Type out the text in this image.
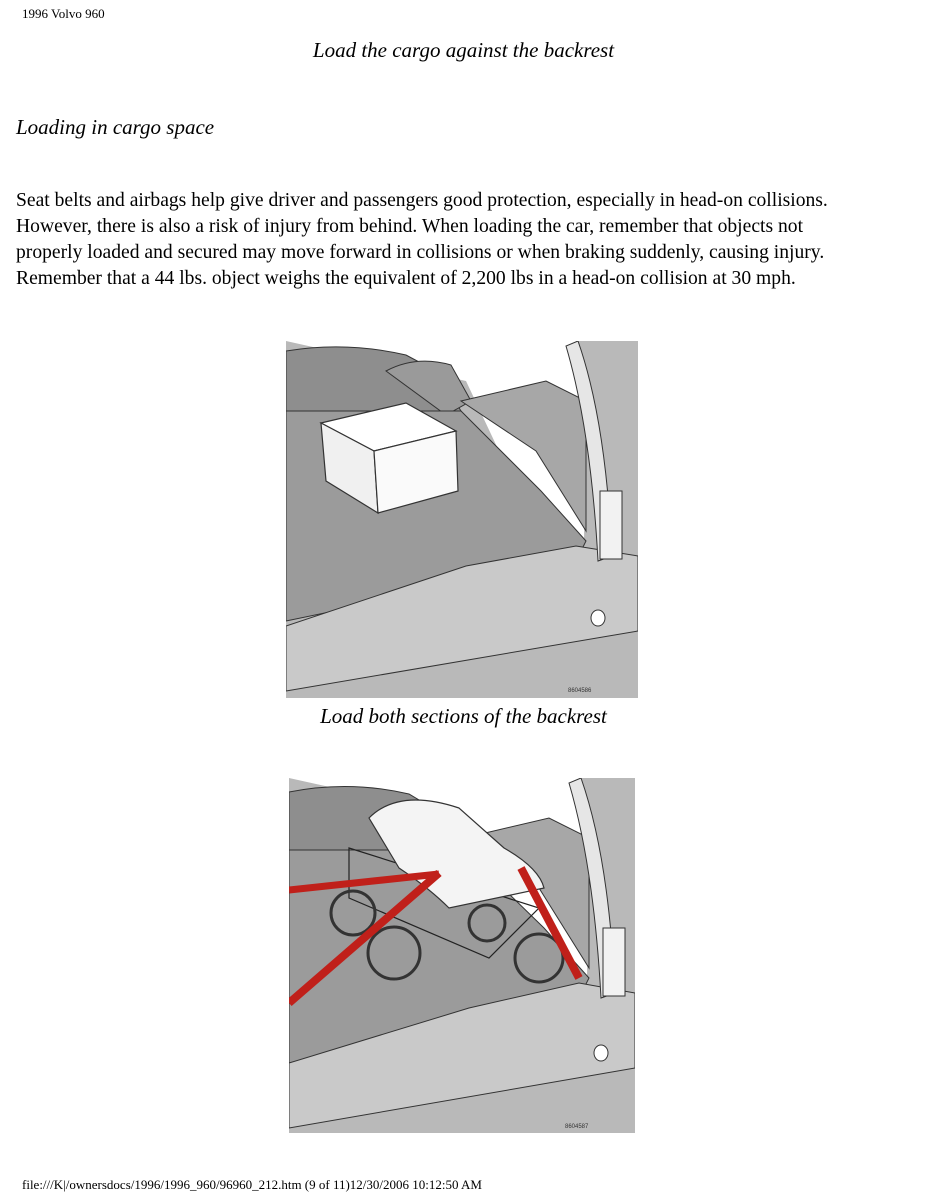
1996 Volvo 960
Load the cargo against the backrest
Loading in cargo space

Seat belts and airbags help give driver and passengers good protection, especially in head-on collisions.

However, there is also a risk of injury from behind. When loading the car, remember that objects not

properly loaded and secured may move forward in collisions or when braking suddenly, causing injury.

Remember that a 44 lbs. object weighs the equivalent of 2,200 lbs in a head-on collision at 30 mph.

8604586
Load both sections of the backrest
8604587
file:///K|/ownersdocs/1996/1996_960/96960_212.htm (9 of 11)12/30/2006 10:12:50 AM
